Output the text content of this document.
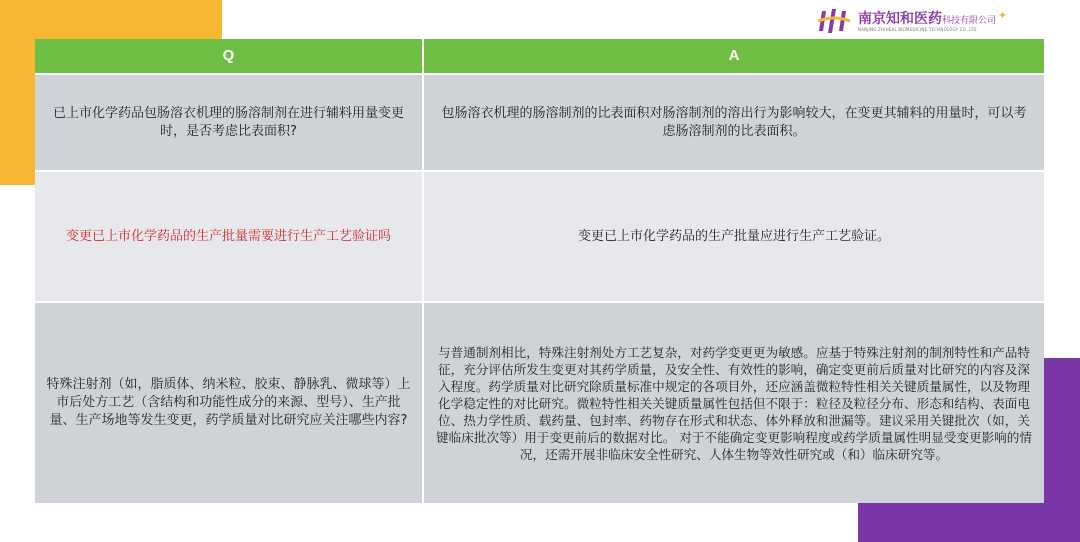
南京知和医药科技有限公司
NANJING ZHIHEAL BIOMEDICINE TECHNOLOGY CO.,LTD
✦
Q	A
已上市化学药品包肠溶衣机理的肠溶制剂在进行辅料用量变更时，是否考虑比表面积?
包肠溶衣机理的肠溶制剂的比表面积对肠溶制剂的溶出行为影响较大，在变更其辅料的用量时，可以考虑肠溶制剂的比表面积。
变更已上市化学药品的生产批量需要进行生产工艺验证吗	变更已上市化学药品的生产批量应进行生产工艺验证。
特殊注射剂（如，脂质体、纳米粒、胶束、静脉乳、微球等）上市后处方工艺（含结构和功能性成分的来源、型号）、生产批量、生产场地等发生变更，药学质量对比研究应关注哪些内容?
与普通制剂相比，特殊注射剂处方工艺复杂，对药学变更更为敏感。应基于特殊注射剂的制剂特性和产品特征，充分评估所发生变更对其药学质量，及安全性、有效性的影响，确定变更前后质量对比研究的内容及深入程度。药学质量对比研究除质量标准中规定的各项目外，还应涵盖微粒特性相关关键质量属性，以及物理化学稳定性的对比研究。微粒特性相关关键质量属性包括但不限于：粒径及粒径分布、形态和结构、表面电位、热力学性质、载药量、包封率、药物存在形式和状态、体外释放和泄漏等。建议采用关键批次（如，关键临床批次等）用于变更前后的数据对比。 对于不能确定变更影响程度或药学质量属性明显受变更影响的情况，还需开展非临床安全性研究、人体生物等效性研究或（和）临床研究等。
